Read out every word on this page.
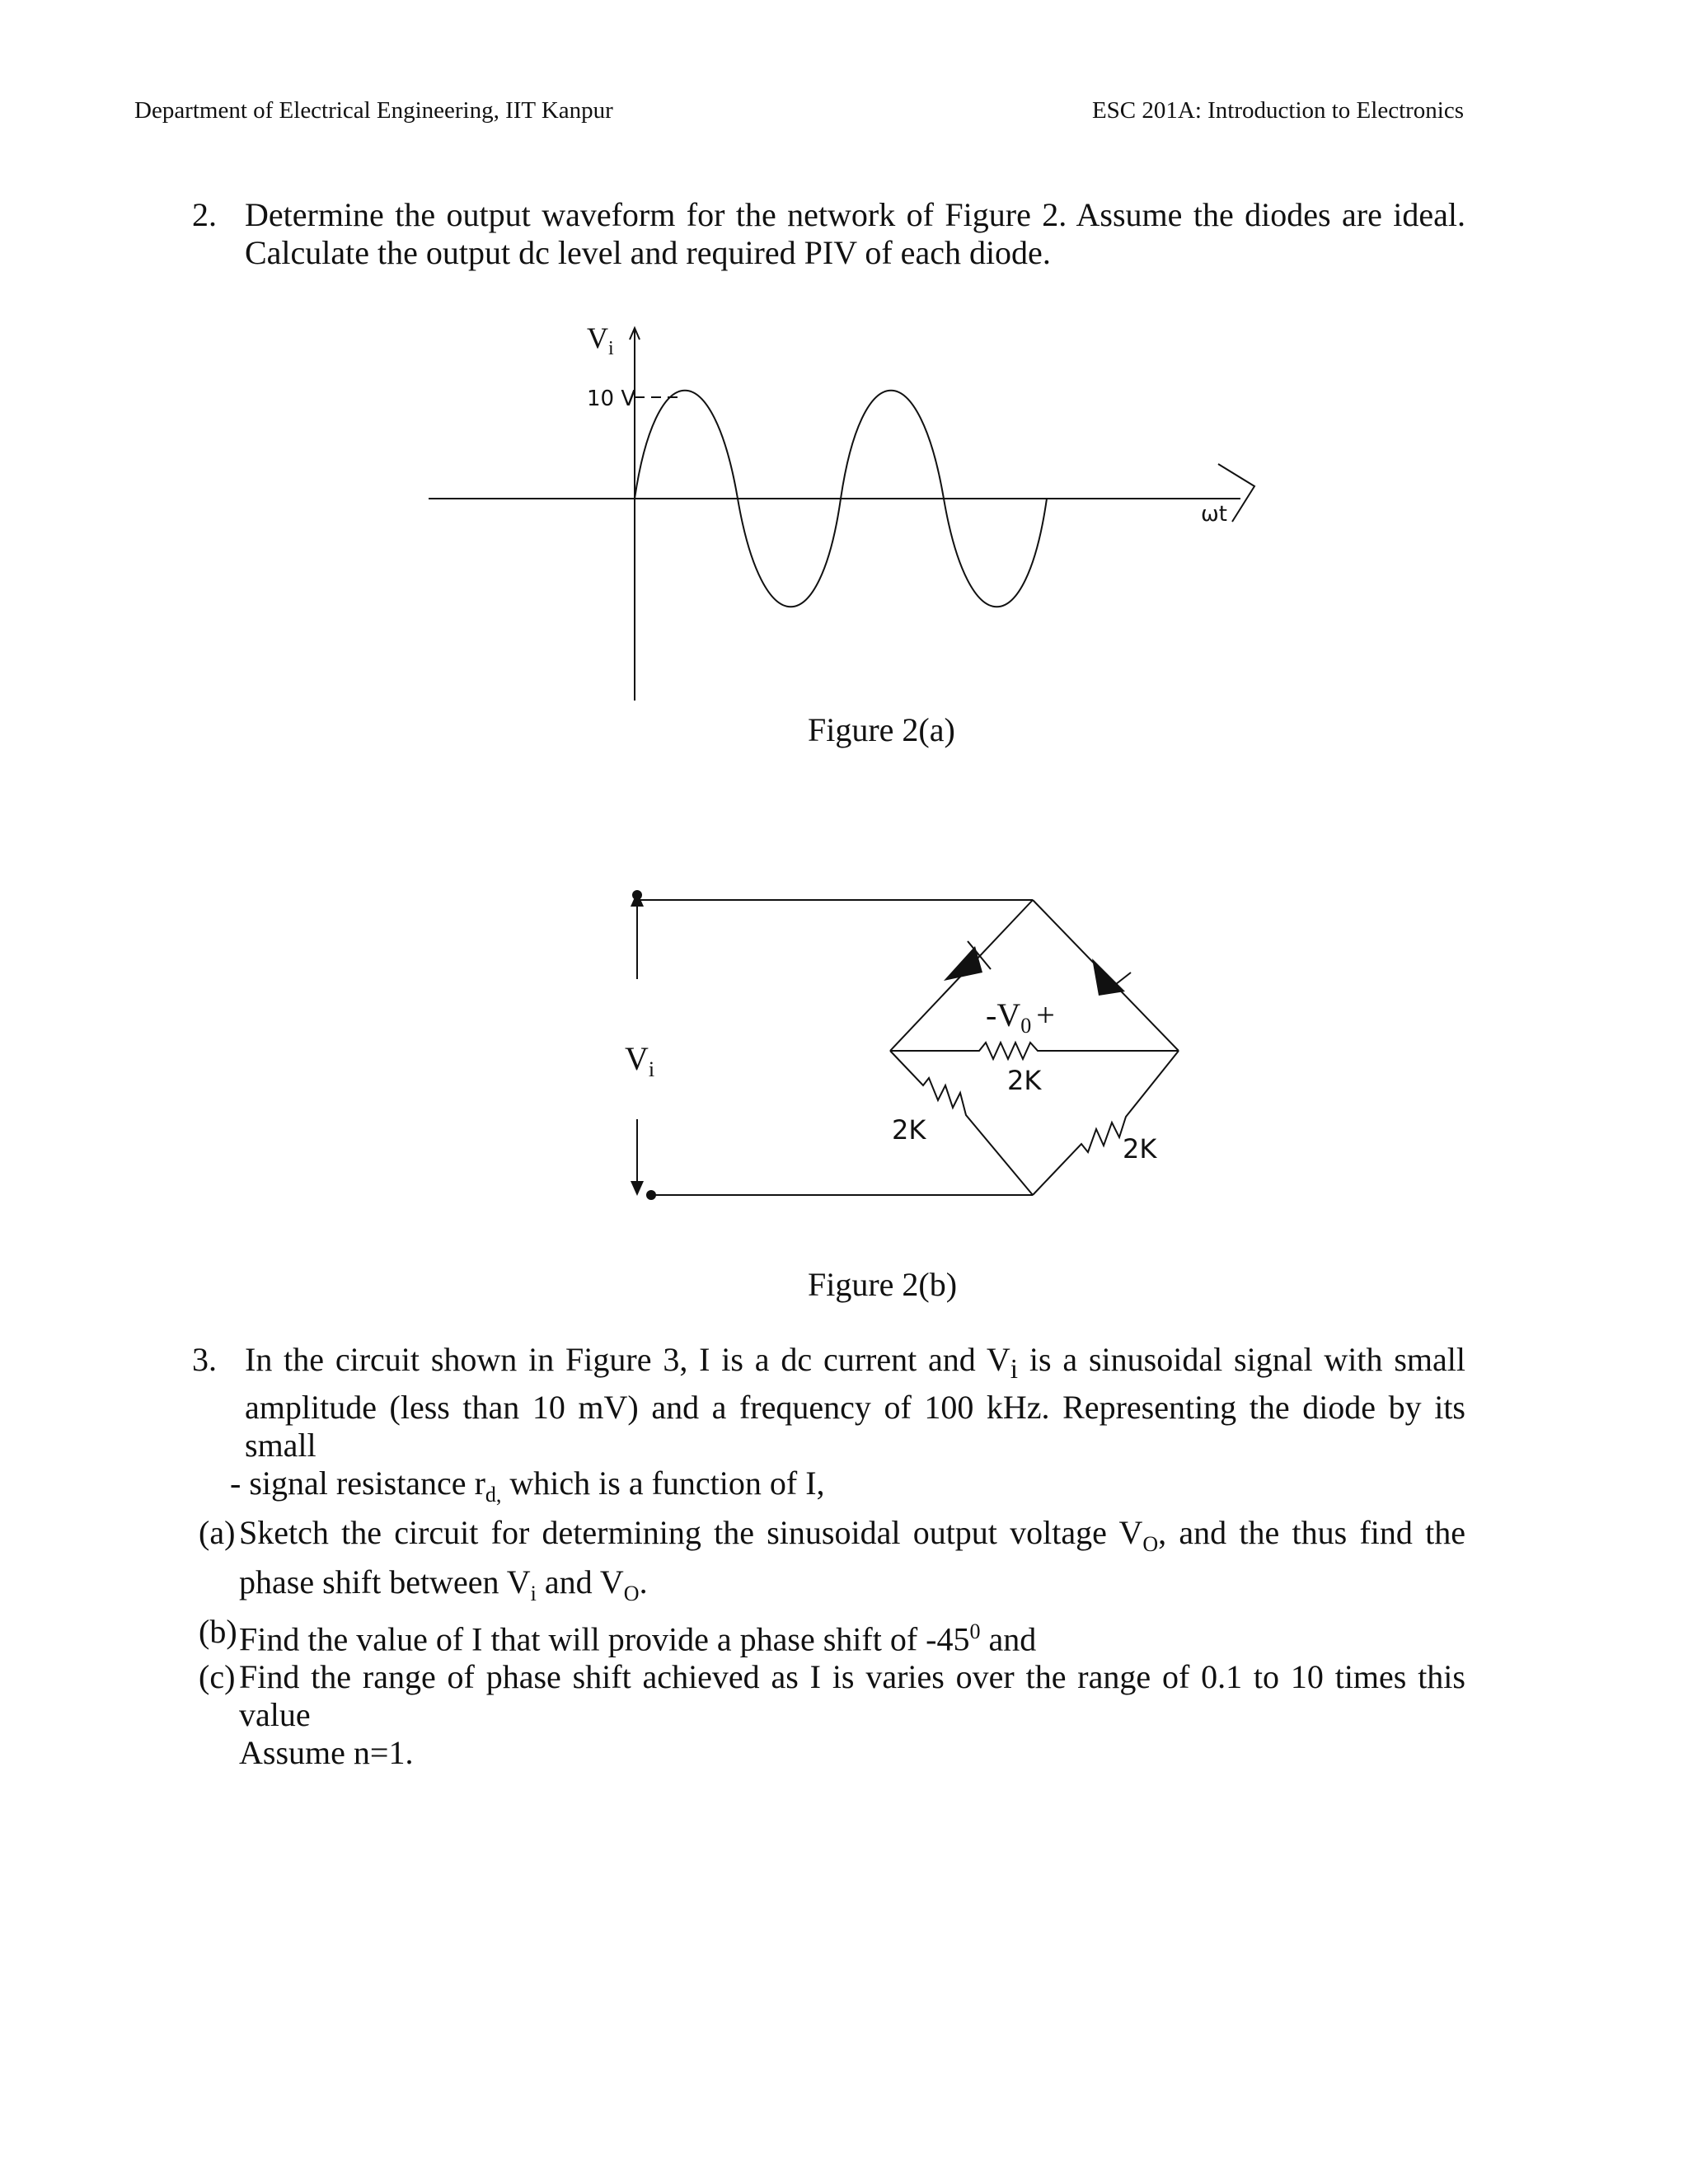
Department of Electrical Engineering, IIT Kanpur	ESC 201A: Introduction to Electronics
2. Determine the output waveform for the network of Figure 2. Assume the diodes are ideal.
Calculate the output dc level and required PIV of each diode.
$V_i$
10 V
ωt
Figure 2(a)
$V_i$
$-V_0$ +
2K
2K
2K
Figure 2(b)
3. In the circuit shown in Figure 3, I is a dc current and $V_i$ is a sinusoidal signal with small
amplitude (less than 10 mV) and a frequency of 100 kHz. Representing the diode by its small
- signal resistance $r_{d,}$ which is a function of I,
(a) Sketch the circuit for determining the sinusoidal output voltage $V_O$, and the thus find the
phase shift between $V_i$ and $V_O$.
(b) Find the value of I that will provide a phase shift of $-45^0$ and
(c) Find the range of phase shift achieved as I is varies over the range of 0.1 to 10 times this
value
Assume n=1.
